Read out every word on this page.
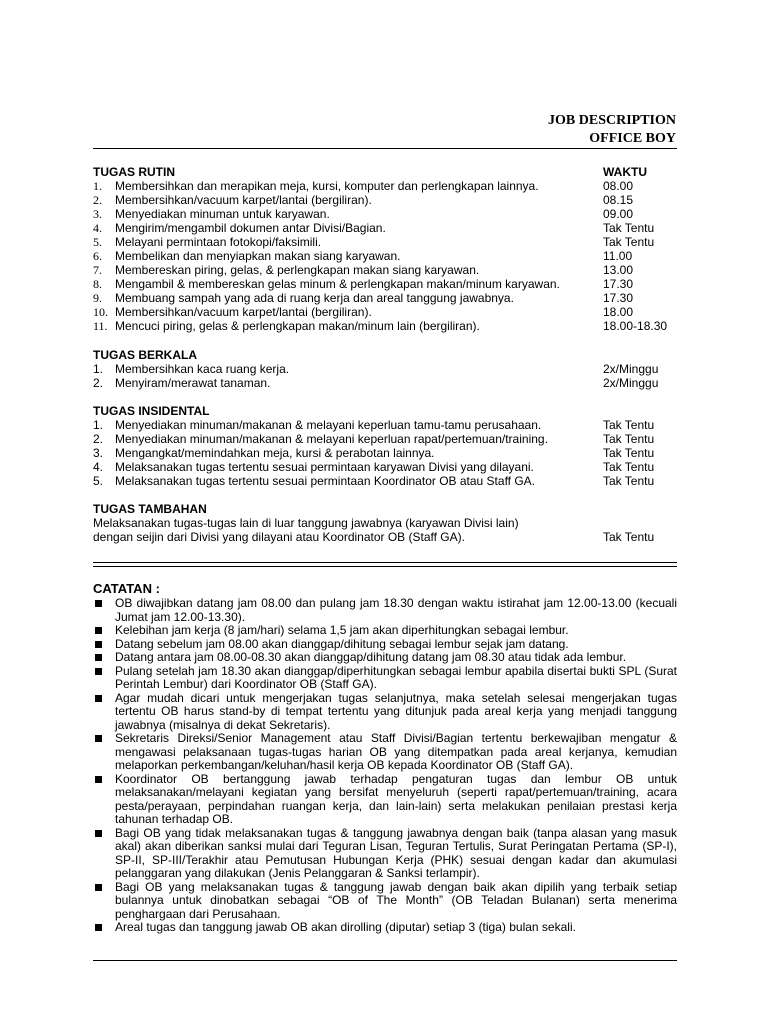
JOB DESCRIPTION
OFFICE BOY
TUGAS RUTIN	WAKTU
1.	Membersihkan dan merapikan meja, kursi, komputer dan perlengkapan lainnya.	08.00
2.	Membersihkan/vacuum karpet/lantai (bergiliran).	08.15
3.	Menyediakan minuman untuk karyawan.	09.00
4.	Mengirim/mengambil dokumen antar Divisi/Bagian.	Tak Tentu
5.	Melayani permintaan fotokopi/faksimili.	Tak Tentu
6.	Membelikan dan menyiapkan makan siang karyawan.	11.00
7.	Membereskan piring, gelas, & perlengkapan makan siang karyawan.	13.00
8.	Mengambil & membereskan gelas minum & perlengkapan makan/minum karyawan.	17.30
9.	Membuang sampah yang ada di ruang kerja dan areal tanggung jawabnya.	17.30
10. Membersihkan/vacuum karpet/lantai (bergiliran).	18.00
11. Mencuci piring, gelas & perlengkapan makan/minum lain (bergiliran).	18.00-18.30
TUGAS BERKALA
1. Membersihkan kaca ruang kerja.	2x/Minggu
2. Menyiram/merawat tanaman.	2x/Minggu
TUGAS INSIDENTAL
1. Menyediakan minuman/makanan & melayani keperluan tamu-tamu perusahaan.	Tak Tentu
2. Menyediakan minuman/makanan & melayani keperluan rapat/pertemuan/training.	Tak Tentu
3. Mengangkat/memindahkan meja, kursi & perabotan lainnya.	Tak Tentu
4. Melaksanakan tugas tertentu sesuai permintaan karyawan Divisi yang dilayani.	Tak Tentu
5. Melaksanakan tugas tertentu sesuai permintaan Koordinator OB atau Staff GA.	Tak Tentu
TUGAS TAMBAHAN
Melaksanakan tugas-tugas lain di luar tanggung jawabnya (karyawan Divisi lain)
dengan seijin dari Divisi yang dilayani atau Koordinator OB (Staff GA).	Tak Tentu
CATATAN :
OB diwajibkan datang jam 08.00 dan pulang jam 18.30 dengan waktu istirahat jam 12.00-13.00 (kecuali Jumat jam 12.00-13.30).
Kelebihan jam kerja (8 jam/hari) selama 1,5 jam akan diperhitungkan sebagai lembur.
Datang sebelum jam 08.00 akan dianggap/dihitung sebagai lembur sejak jam datang.
Datang antara jam 08.00-08.30 akan dianggap/dihitung datang jam 08.30 atau tidak ada lembur.
Pulang setelah jam 18.30 akan dianggap/diperhitungkan sebagai lembur apabila disertai bukti SPL (Surat Perintah Lembur) dari Koordinator OB (Staff GA).
Agar mudah dicari untuk mengerjakan tugas selanjutnya, maka setelah selesai mengerjakan tugas tertentu OB harus stand-by di tempat tertentu yang ditunjuk pada areal kerja yang menjadi tanggung jawabnya (misalnya di dekat Sekretaris).
Sekretaris Direksi/Senior Management atau Staff Divisi/Bagian tertentu berkewajiban mengatur & mengawasi pelaksanaan tugas-tugas harian OB yang ditempatkan pada areal kerjanya, kemudian melaporkan perkembangan/keluhan/hasil kerja OB kepada Koordinator OB (Staff GA).
Koordinator OB bertanggung jawab terhadap pengaturan tugas dan lembur OB untuk melaksanakan/melayani kegiatan yang bersifat menyeluruh (seperti rapat/pertemuan/training, acara pesta/perayaan, perpindahan ruangan kerja, dan lain-lain) serta melakukan penilaian prestasi kerja tahunan terhadap OB.
Bagi OB yang tidak melaksanakan tugas & tanggung jawabnya dengan baik (tanpa alasan yang masuk akal) akan diberikan sanksi mulai dari Teguran Lisan, Teguran Tertulis, Surat Peringatan Pertama (SP-I), SP-II, SP-III/Terakhir atau Pemutusan Hubungan Kerja (PHK) sesuai dengan kadar dan akumulasi pelanggaran yang dilakukan (Jenis Pelanggaran & Sanksi terlampir).
Bagi OB yang melaksanakan tugas & tanggung jawab dengan baik akan dipilih yang terbaik setiap bulannya untuk dinobatkan sebagai “OB of The Month” (OB Teladan Bulanan) serta menerima penghargaan dari Perusahaan.
Areal tugas dan tanggung jawab OB akan dirolling (diputar) setiap 3 (tiga) bulan sekali.
